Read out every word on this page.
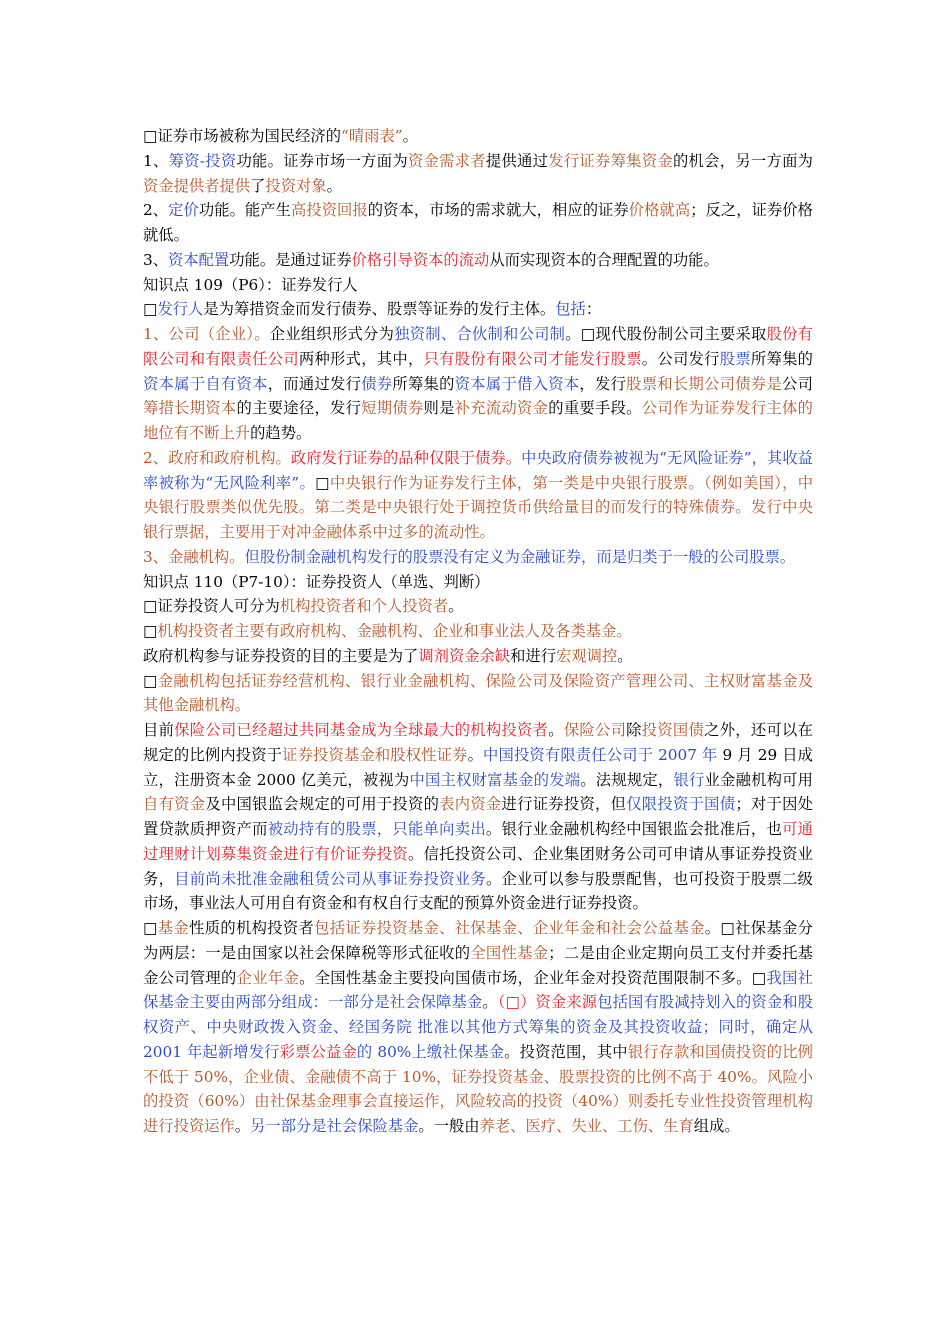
□证券市场被称为国民经济的“晴雨表”。

1、筹资-投资功能。证券市场一方面为资金需求者提供通过发行证券筹集资金的机会，另一方面为资金提供者提供了投资对象。

2、定价功能。能产生高投资回报的资本，市场的需求就大，相应的证券价格就高；反之，证券价格就低。

3、资本配置功能。是通过证券价格引导资本的流动从而实现资本的合理配置的功能。

知识点 109（P6）：证券发行人

□发行人是为筹措资金而发行债券、股票等证券的发行主体。包括：

1、公司（企业）。企业组织形式分为独资制、合伙制和公司制。□现代股份制公司主要采取股份有限公司和有限责任公司两种形式，其中，只有股份有限公司才能发行股票。公司发行股票所筹集的资本属于自有资本，而通过发行债券所筹集的资本属于借入资本，发行股票和长期公司债券是公司筹措长期资本的主要途径，发行短期债券则是补充流动资金的重要手段。公司作为证券发行主体的地位有不断上升的趋势。

2、政府和政府机构。政府发行证券的品种仅限于债券。中央政府债券被视为“无风险证券”，其收益率被称为“无风险利率”。□中央银行作为证券发行主体，第一类是中央银行股票。（例如美国），中央银行股票类似优先股。第二类是中央银行处于调控货币供给量目的而发行的特殊债券。发行中央银行票据，主要用于对冲金融体系中过多的流动性。

3、金融机构。但股份制金融机构发行的股票没有定义为金融证券，而是归类于一般的公司股票。

知识点 110（P7-10）：证券投资人（单选、判断）

□证券投资人可分为机构投资者和个人投资者。

□机构投资者主要有政府机构、金融机构、企业和事业法人及各类基金。

政府机构参与证券投资的目的主要是为了调剂资金余缺和进行宏观调控。

□金融机构包括证券经营机构、银行业金融机构、保险公司及保险资产管理公司、主权财富基金及其他金融机构。

目前保险公司已经超过共同基金成为全球最大的机构投资者。保险公司除投资国债之外，还可以在规定的比例内投资于证券投资基金和股权性证券。中国投资有限责任公司于 2007 年 9 月 29 日成立，注册资本金 2000 亿美元，被视为中国主权财富基金的发端。法规规定，银行业金融机构可用自有资金及中国银监会规定的可用于投资的表内资金进行证券投资，但仅限投资于国债；对于因处置贷款质押资产而被动持有的股票，只能单向卖出。银行业金融机构经中国银监会批准后，也可通过理财计划募集资金进行有价证券投资。信托投资公司、企业集团财务公司可申请从事证券投资业务，目前尚未批准金融租赁公司从事证券投资业务。企业可以参与股票配售，也可投资于股票二级市场，事业法人可用自有资金和有权自行支配的预算外资金进行证券投资。

□基金性质的机构投资者包括证券投资基金、社保基金、企业年金和社会公益基金。□社保基金分为两层：一是由国家以社会保障税等形式征收的全国性基金；二是由企业定期向员工支付并委托基金公司管理的企业年金。全国性基金主要投向国债市场，企业年金对投资范围限制不多。□我国社保基金主要由两部分组成：一部分是社会保障基金。（□）资金来源包括国有股减持划入的资金和股权资产、中央财政拨入资金、经国务院 批准以其他方式筹集的资金及其投资收益；同时，确定从 2001 年起新增发行彩票公益金的 80%上缴社保基金。投资范围，其中银行存款和国债投资的比例不低于 50%，企业债、金融债不高于 10%，证券投资基金、股票投资的比例不高于 40%。风险小的投资（60%）由社保基金理事会直接运作，风险较高的投资（40%）则委托专业性投资管理机构进行投资运作。另一部分是社会保险基金。一般由养老、医疗、失业、工伤、生育组成。
